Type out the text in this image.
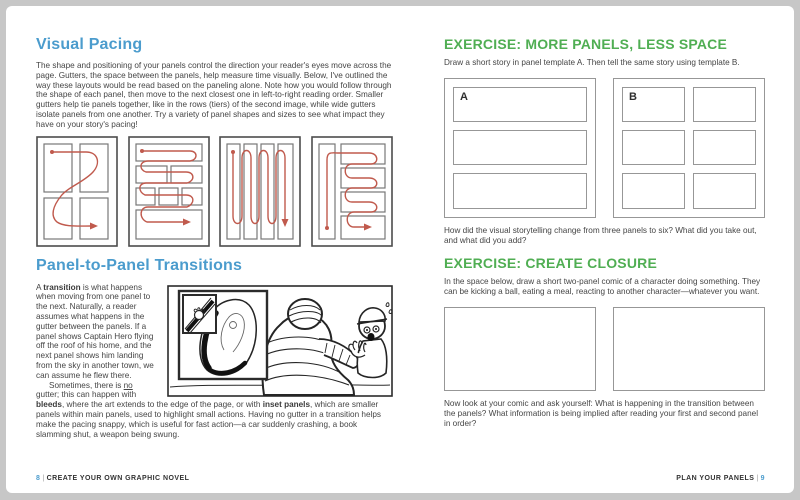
Visual Pacing

The shape and positioning of your panels control the direction your reader's eyes move across the page. Gutters, the space between the panels, help measure time visually. Below, I've outlined the way these layouts would be read based on the paneling alone. Note how you would follow through the shape of each panel, then move to the next closest one in left-to-right reading order. Smaller gutters help tie panels together, like in the rows (tiers) of the second image, while wide gutters isolate panels from one another. Try a variety of panel shapes and sizes to see what impact they have on your story's pacing!

Panel-to-Panel Transitions

A transition is what happens when moving from one panel to the next. Naturally, a reader assumes what happens in the gutter between the panels. If a panel shows Captain Hero flying off the roof of his home, and the next panel shows him landing from the sky in another town, we can assume he flew there.

Sometimes, there is no gutter; this can happen with bleeds, where the art extends to the edge of the page, or with inset panels, which are smaller panels within main panels, used to highlight small actions. Having no gutter in a transition helps make the pacing snappy, which is useful for fast action—a car suddenly crashing, a book slamming shut, a weapon being swung.

EXERCISE: MORE PANELS, LESS SPACE

Draw a short story in panel template A. Then tell the same story using template B.

A	B

How did the visual storytelling change from three panels to six? What did you take out, and what did you add?

EXERCISE: CREATE CLOSURE

In the space below, draw a short two-panel comic of a character doing something. They can be kicking a ball, eating a meal, reacting to another character—whatever you want.

Now look at your comic and ask yourself: What is happening in the transition between the panels? What information is being implied after reading your first and second panel in order?

8 | CREATE YOUR OWN GRAPHIC NOVEL	PLAN YOUR PANELS | 9
